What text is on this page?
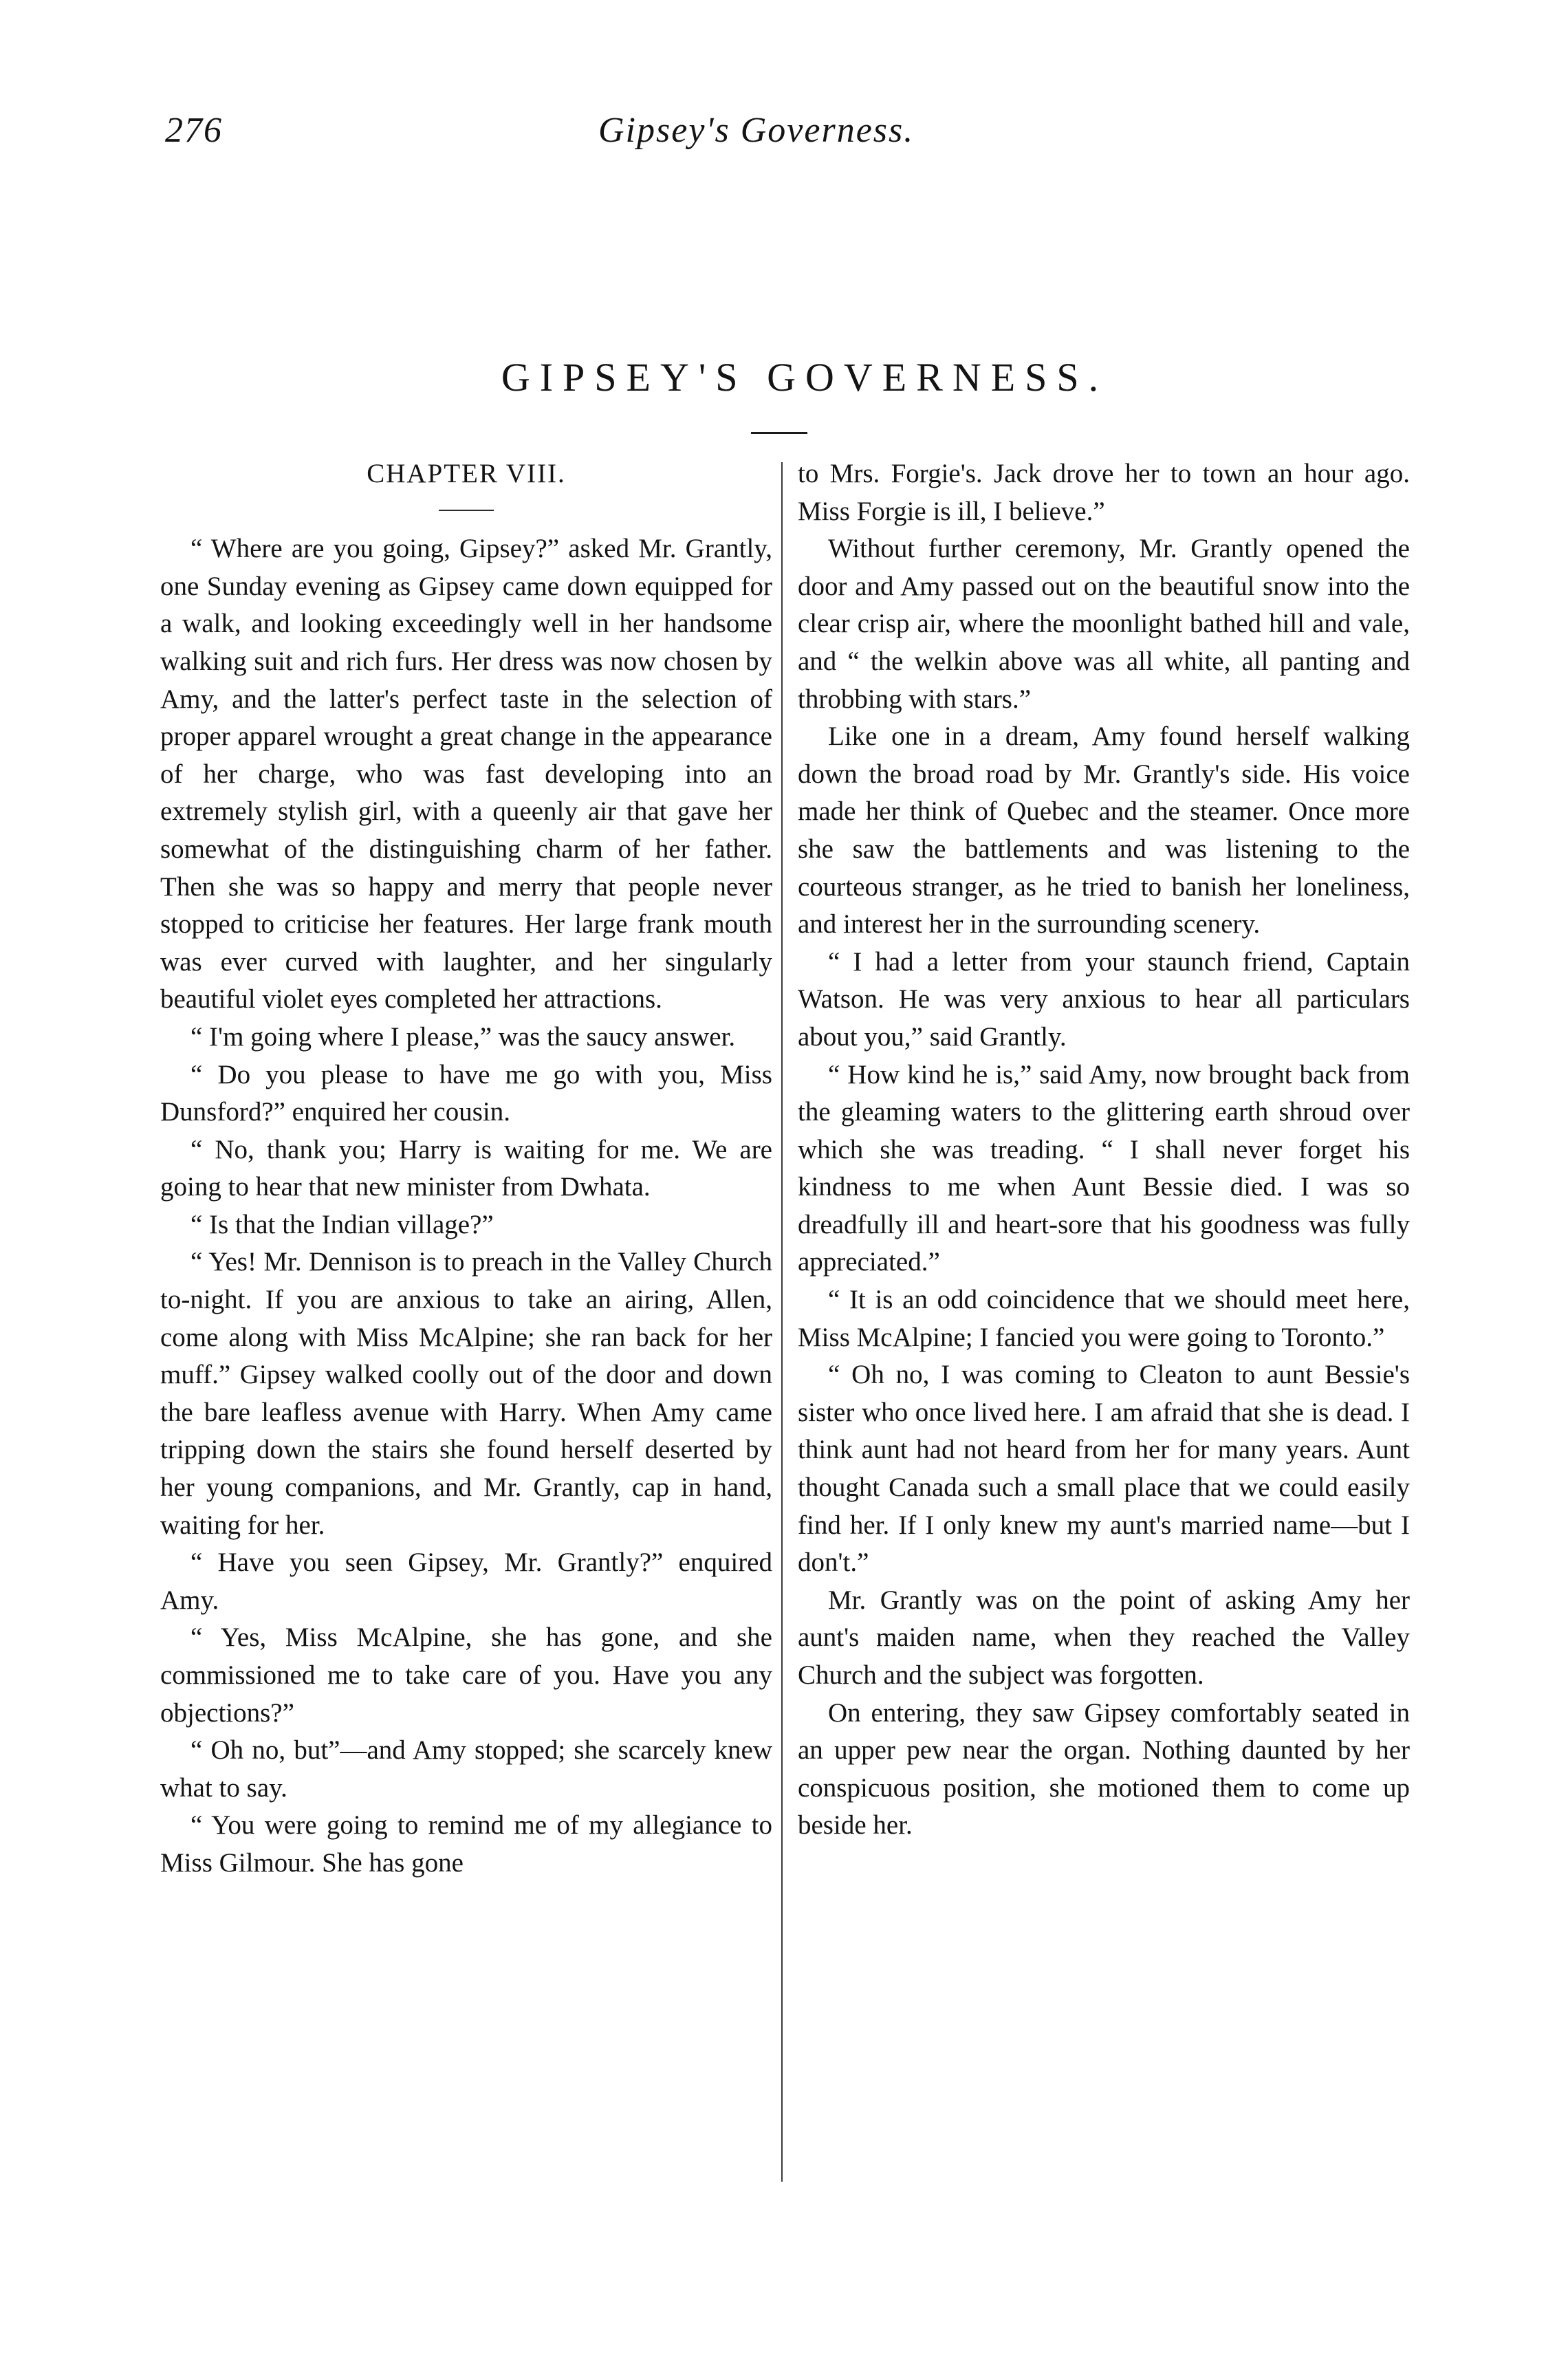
276	Gipsey's Governess.
GIPSEY'S GOVERNESS.
CHAPTER VIII.

“ Where are you going, Gipsey?” asked Mr. Grantly, one Sunday evening as Gipsey came down equipped for a walk, and looking exceedingly well in her handsome walking suit and rich furs. Her dress was now chosen by Amy, and the latter's perfect taste in the selection of proper apparel wrought a great change in the appearance of her charge, who was fast developing into an extremely stylish girl, with a queenly air that gave her somewhat of the distinguishing charm of her father. Then she was so happy and merry that people never stopped to criticise her features. Her large frank mouth was ever curved with laughter, and her singularly beautiful violet eyes completed her attractions.

“ I'm going where I please,” was the saucy answer.

“ Do you please to have me go with you, Miss Dunsford?” enquired her cousin.

“ No, thank you; Harry is waiting for me. We are going to hear that new minister from Dwhata.

“ Is that the Indian village?”

“ Yes! Mr. Dennison is to preach in the Valley Church to-night. If you are anxious to take an airing, Allen, come along with Miss McAlpine; she ran back for her muff.” Gipsey walked coolly out of the door and down the bare leafless avenue with Harry. When Amy came tripping down the stairs she found herself deserted by her young companions, and Mr. Grantly, cap in hand, waiting for her.

“ Have you seen Gipsey, Mr. Grantly?” enquired Amy.

“ Yes, Miss McAlpine, she has gone, and she commissioned me to take care of you. Have you any objections?”

“ Oh no, but”—and Amy stopped; she scarcely knew what to say.

“ You were going to remind me of my allegiance to Miss Gilmour. She has gone

to Mrs. Forgie's. Jack drove her to town an hour ago. Miss Forgie is ill, I believe.”

Without further ceremony, Mr. Grantly opened the door and Amy passed out on the beautiful snow into the clear crisp air, where the moonlight bathed hill and vale, and “ the welkin above was all white, all panting and throbbing with stars.”

Like one in a dream, Amy found herself walking down the broad road by Mr. Grantly's side. His voice made her think of Quebec and the steamer. Once more she saw the battlements and was listening to the courteous stranger, as he tried to banish her loneliness, and interest her in the surrounding scenery.

“ I had a letter from your staunch friend, Captain Watson. He was very anxious to hear all particulars about you,” said Grantly.

“ How kind he is,” said Amy, now brought back from the gleaming waters to the glittering earth shroud over which she was treading. “ I shall never forget his kindness to me when Aunt Bessie died. I was so dreadfully ill and heart-sore that his goodness was fully appreciated.”

“ It is an odd coincidence that we should meet here, Miss McAlpine; I fancied you were going to Toronto.”

“ Oh no, I was coming to Cleaton to aunt Bessie's sister who once lived here. I am afraid that she is dead. I think aunt had not heard from her for many years. Aunt thought Canada such a small place that we could easily find her. If I only knew my aunt's married name—but I don't.”

Mr. Grantly was on the point of asking Amy her aunt's maiden name, when they reached the Valley Church and the subject was forgotten.

On entering, they saw Gipsey comfortably seated in an upper pew near the organ. Nothing daunted by her conspicuous position, she motioned them to come up beside her.
